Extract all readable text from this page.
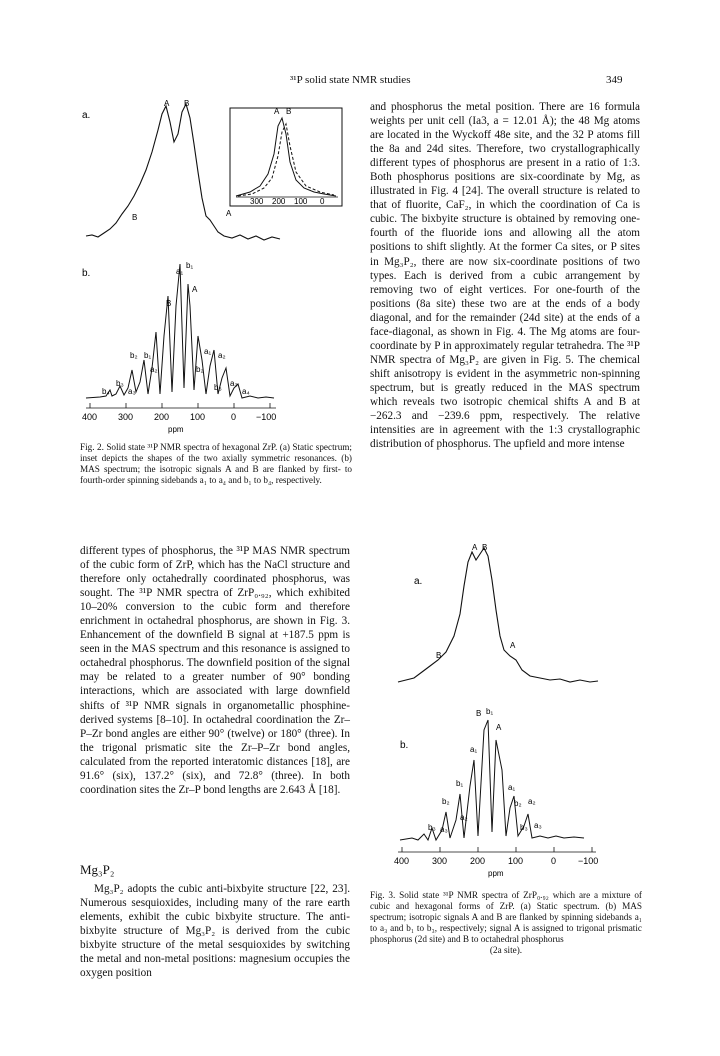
³¹P solid state NMR studies	349
300 200 100 0
A B
a.
A B
B	A
b.
b₁
a₁
A
B
b₂ b₁	a₁ a₂
a₂	b₂
b₃
a₃	b₃ a₃
b₄	a₄
400 300 200 100	0 −100
ppm
Fig. 2. Solid state ³¹P NMR spectra of hexagonal ZrP. (a) Static spectrum; inset depicts the shapes of the two axially symmetric resonances. (b) MAS spectrum; the isotropic signals A and B are flanked by first- to fourth-order spinning sidebands a₁ to a₄ and b₁ to b₄, respectively.

and phosphorus the metal position. There are 16 formula weights per unit cell (Ia3, a = 12.01 Å); the 48 Mg atoms are located in the Wyckoff 48e site, and the 32 P atoms fill the 8a and 24d sites. Therefore, two crystallographically different types of phosphorus are present in a ratio of 1:3. Both phosphorus positions are six-coordinate by Mg, as illustrated in Fig. 4 [24]. The overall structure is related to that of fluorite, CaF₂, in which the coordination of Ca is cubic. The bixbyite structure is obtained by removing one-fourth of the fluoride ions and allowing all the atom positions to shift slightly. At the former Ca sites, or P sites in Mg₃P₂, there are now six-coordinate positions of two types. Each is derived from a cubic arrangement by removing two of eight vertices. For one-fourth of the positions (8a site) these two are at the ends of a body diagonal, and for the remainder (24d site) at the ends of a face-diagonal, as shown in Fig. 4. The Mg atoms are four-coordinate by P in approximately regular tetrahedra. The ³¹P NMR spectra of Mg₃P₂ are given in Fig. 5. The chemical shift anisotropy is evident in the asymmetric non-spinning spectrum, but is greatly reduced in the MAS spectrum which reveals two isotropic chemical shifts A and B at −262.3 and −239.6 ppm, respectively. The relative intensities are in agreement with the 1:3 crystallographic distribution of phosphorus. The upfield and more intense

different types of phosphorus, the ³¹P MAS NMR spectrum of the cubic form of ZrP, which has the NaCl structure and therefore only octahedrally coordinated phosphorus, was sought. The ³¹P NMR spectra of ZrP₀.₉₂, which exhibited 10–20% conversion to the cubic form and therefore enrichment in octahedral phosphorus, are shown in Fig. 3. Enhancement of the downfield B signal at +187.5 ppm is seen in the MAS spectrum and this resonance is assigned to octahedral phosphorus. The downfield position of the signal may be related to a greater number of 90° bonding interactions, which are associated with large downfield shifts of ³¹P NMR signals in organometallic phosphine-derived systems [8–10]. In octahedral coordination the Zr–P–Zr bond angles are either 90° (twelve) or 180° (three). In the trigonal prismatic site the Zr–P–Zr bond angles, calculated from the reported interatomic distances [18], are 91.6° (six), 137.2° (six), and 72.8° (three). In both coordination sites the Zr–P bond lengths are 2.643 Å [18].

Mg₃P₂

Mg₃P₂ adopts the cubic anti-bixbyite structure [22, 23]. Numerous sesquioxides, including many of the rare earth elements, exhibit the cubic bixbyite structure. The anti-bixbyite structure of Mg₃P₂ is derived from the cubic bixbyite structure of the metal sesquioxides by switching the metal and non-metal positions: magnesium occupies the oxygen position

a.
A B
B
A
b.
B b₁
A
a₁
b₁	a₁
b₂	b₂
a₂
a₂
b₃ a₃	b₃ a₃
400	300	200	100	0 −100
ppm
Fig. 3. Solid state ³¹P NMR spectra of ZrP₀.₉₂ which are a mixture of cubic and hexagonal forms of ZrP. (a) Static spectrum. (b) MAS spectrum; isotropic signals A and B are flanked by spinning sidebands a₁ to a₃ and b₁ to b₃, respectively; signal A is assigned to trigonal prismatic phosphorus (2d site) and B to octahedral phosphorus
(2a site).
